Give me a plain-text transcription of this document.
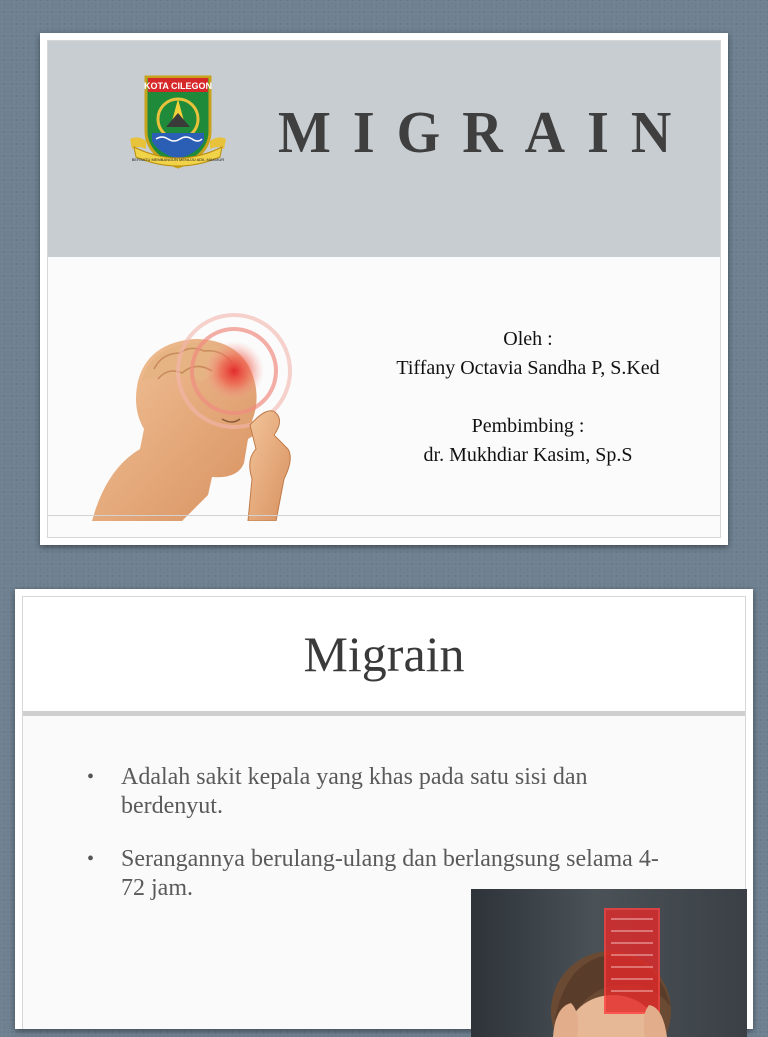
KOTA CILEGON
BERSATU MEMBANGUN MENUJU ADIL MAKMUR MIGRAIN
Oleh :
Tiffany Octavia Sandha P, S.Ked
Pembimbing :
dr. Mukhdiar Kasim, Sp.S
Migrain
• Adalah sakit kepala yang khas pada satu sisi dan berdenyut.
• Serangannya berulang-ulang dan berlangsung selama 4-72 jam.
